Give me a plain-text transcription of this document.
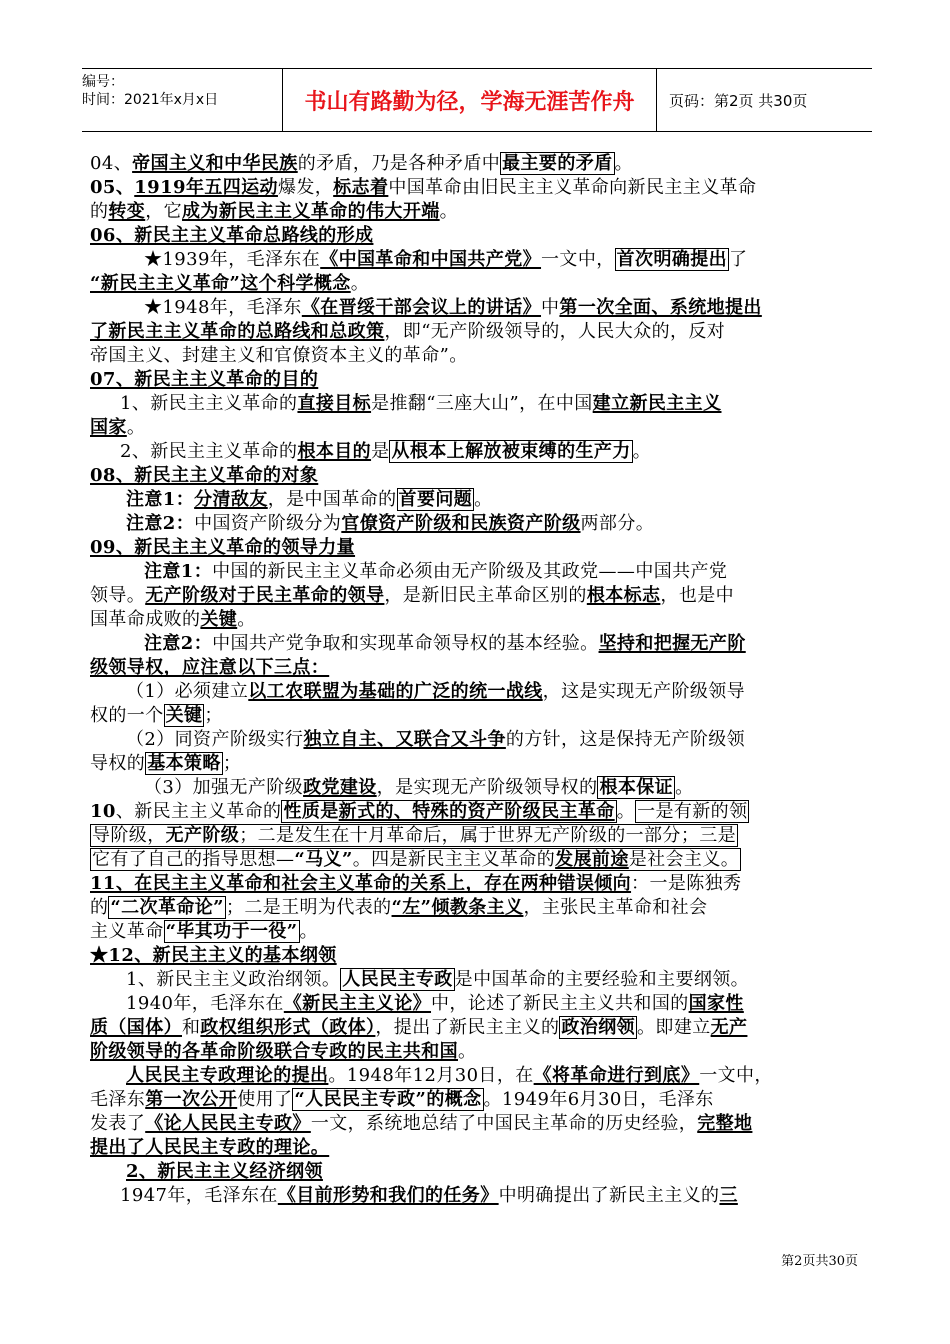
编号：
时间：2021年x月x日	书山有路勤为径，学海无涯苦作舟	页码：第2页 共30页

04、帝国主义和中华民族的矛盾，乃是各种矛盾中 最主要的矛盾 。

05、1919年五四运动爆发，标志着中国革命由旧民主主义革命向新民主主义革命

的转变，它成为新民主主义革命的伟大开端。

06、新民主主义革命总路线的形成

★1939年，毛泽东在《中国革命和中国共产党》一文中， 首次明确提出 了

“新民主主义革命”这个科学概念。

★1948年，毛泽东《在晋绥干部会议上的讲话》中第一次全面、系统地提出

了新民主主义革命的总路线和总政策，即“无产阶级领导的，人民大众的，反对

帝国主义、封建主义和官僚资本主义的革命”。

07、新民主主义革命的目的

1、新民主主义革命的直接目标是推翻“三座大山”，在中国建立新民主主义

国家。

2、新民主主义革命的根本目的是 从根本上解放被束缚的生产力 。

08、新民主主义革命的对象

注意1：分清敌友，是中国革命的 首要问题 。

注意2：中国资产阶级分为官僚资产阶级和民族资产阶级两部分。

09、新民主主义革命的领导力量

注意1：中国的新民主主义革命必须由无产阶级及其政党——中国共产党

领导。无产阶级对于民主革命的领导，是新旧民主革命区别的根本标志，也是中

国革命成败的关键。

注意2：中国共产党争取和实现革命领导权的基本经验。坚持和把握无产阶

级领导权，应注意以下三点：

（1）必须建立以工农联盟为基础的广泛的统一战线，这是实现无产阶级领导

权的一个 关键 ；

（2）同资产阶级实行独立自主、又联合又斗争的方针，这是保持无产阶级领

导权的 基本策略 ；

（3）加强无产阶级政党建设，是实现无产阶级领导权的 根本保证 。

10、新民主主义革命的 性质是新式的、特殊的资产阶级民主革命 。 一是有新的领

导阶级，无产阶级；二是发生在十月革命后，属于世界无产阶级的一部分；三是

它有了自己的指导思想—“马义”。四是新民主主义革命的发展前途是社会主义。

11、在民主主义革命和社会主义革命的关系上，存在两种错误倾向：一是陈独秀

的 “二次革命论” ；二是王明为代表的“左”倾教条主义，主张民主革命和社会

主义革命 “毕其功于一役” 。

★12、新民主主义的基本纲领

1、新民主主义政治纲领。 人民民主专政 是中国革命的主要经验和主要纲领。

1940年，毛泽东在《新民主主义论》中，论述了新民主主义共和国的国家性

质（国体）和政权组织形式（政体），提出了新民主主义的 政治纲领 。即建立无产

阶级领导的各革命阶级联合专政的民主共和国。

人民民主专政理论的提出。1948年12月30日，在《将革命进行到底》一文中，

毛泽东第一次公开使用了 “人民民主专政”的概念 。1949年6月30日，毛泽东

发表了《论人民民主专政》一文，系统地总结了中国民主革命的历史经验，完整地

提出了人民民主专政的理论。

2、新民主主义经济纲领

1947年，毛泽东在《目前形势和我们的任务》中明确提出了新民主主义的三

第2页共30页
